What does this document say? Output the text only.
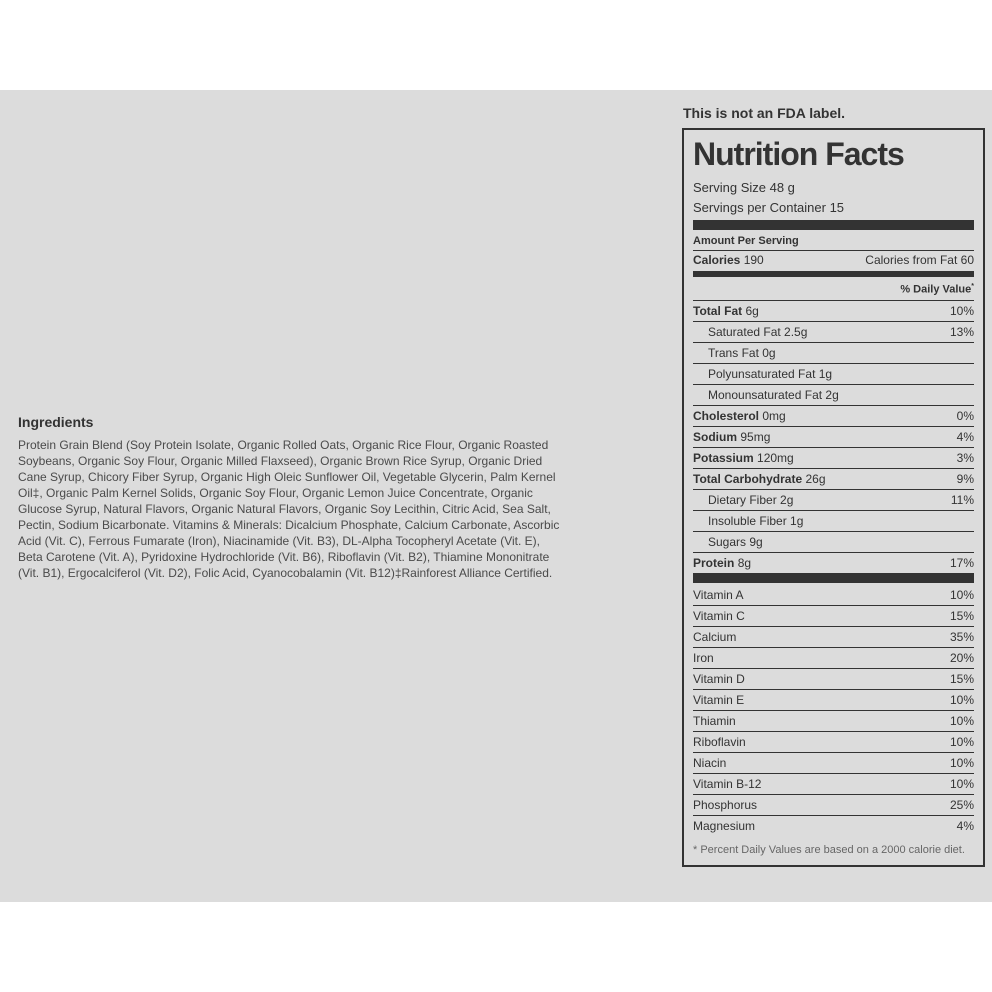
Ingredients

Protein Grain Blend (Soy Protein Isolate, Organic Rolled Oats, Organic Rice Flour, Organic Roasted Soybeans, Organic Soy Flour, Organic Milled Flaxseed), Organic Brown Rice Syrup, Organic Dried Cane Syrup, Chicory Fiber Syrup, Organic High Oleic Sunflower Oil, Vegetable Glycerin, Palm Kernel Oil‡, Organic Palm Kernel Solids, Organic Soy Flour, Organic Lemon Juice Concentrate, Organic Glucose Syrup, Natural Flavors, Organic Natural Flavors, Organic Soy Lecithin, Citric Acid, Sea Salt, Pectin, Sodium Bicarbonate. Vitamins & Minerals: Dicalcium Phosphate, Calcium Carbonate, Ascorbic Acid (Vit. C), Ferrous Fumarate (Iron), Niacinamide (Vit. B3), DL-Alpha Tocopheryl Acetate (Vit. E), Beta Carotene (Vit. A), Pyridoxine Hydrochloride (Vit. B6), Riboflavin (Vit. B2), Thiamine Mononitrate (Vit. B1), Ergocalciferol (Vit. D2), Folic Acid, Cyanocobalamin (Vit. B12)‡Rainforest Alliance Certified.

This is not an FDA label.
Nutrition Facts
Serving Size 48 g
Servings per Container 15
Amount Per Serving
Calories 190	Calories from Fat 60
% Daily Value*
Total Fat 6g	10%
Saturated Fat 2.5g	13%
Trans Fat 0g
Polyunsaturated Fat 1g
Monounsaturated Fat 2g
Cholesterol 0mg	0%
Sodium 95mg	4%
Potassium 120mg	3%
Total Carbohydrate 26g	9%
Dietary Fiber 2g	11%
Insoluble Fiber 1g
Sugars 9g
Protein 8g	17%
Vitamin A	10%
Vitamin C	15%
Calcium	35%
Iron	20%
Vitamin D	15%
Vitamin E	10%
Thiamin	10%
Riboflavin	10%
Niacin	10%
Vitamin B-12	10%
Phosphorus	25%
Magnesium	4%
* Percent Daily Values are based on a 2000 calorie diet.
